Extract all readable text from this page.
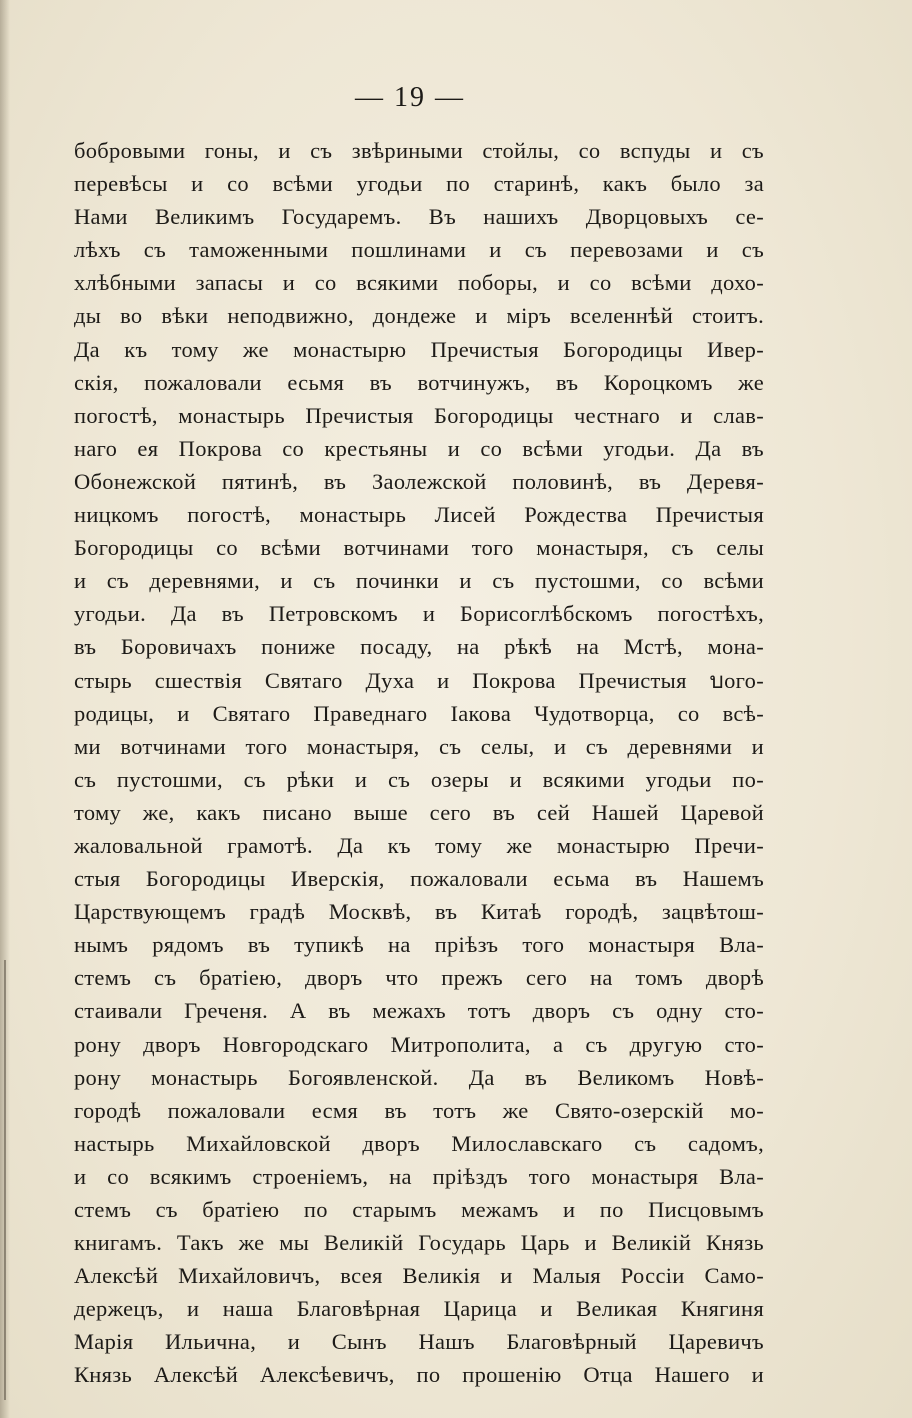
— 19 —
бобровыми гоны, и съ звѣриными стойлы, со вспуды и съ
перевѣсы и со всѣми угодьи по старинѣ, какъ было за
Нами Великимъ Государемъ. Въ нашихъ Дворцовыхъ се-
лѣхъ съ таможенными пошлинами и съ перевозами и съ
хлѣбными запасы и со всякими поборы, и со всѣми дохо-
ды во вѣки неподвижно, дондеже и міръ вселеннѣй стоитъ.
Да къ тому же монастырю Пречистыя Богородицы Ивер-
скія, пожаловали есьмя въ вотчинужъ, въ Короцкомъ же
погостѣ, монастырь Пречистыя Богородицы честнаго и слав-
наго ея Покрова со крестьяны и со всѣми угодьи. Да въ
Обонежской пятинѣ, въ Заолежской половинѣ, въ Деревя-
ницкомъ погостѣ, монастырь Лисей Рождества Пречистыя
Богородицы со всѣми вотчинами того монастыря, съ селы
и съ деревнями, и съ починки и съ пустошми, со всѣми
угодьи. Да въ Петровскомъ и Борисоглѣбскомъ погостѣхъ,
въ Боровичахъ пониже посаду, на рѣкѣ на Мстѣ, мона-
стырь сшествія Святаго Духа и Покрова Пречистыя บого-
родицы, и Святаго Праведнаго Іакова Чудотворца, со всѣ-
ми вотчинами того монастыря, съ селы, и съ деревнями и
съ пустошми, съ рѣки и съ озеры и всякими угодьи по-
тому же, какъ писано выше сего въ сей Нашей Царевой
жаловальной грамотѣ. Да къ тому же монастырю Пречи-
стыя Богородицы Иверскія, пожаловали есьма въ Нашемъ
Царствующемъ градѣ Москвѣ, въ Китаѣ городѣ, зацвѣтош-
нымъ рядомъ въ тупикѣ на пріѣзъ того монастыря Вла-
стемъ съ братіею, дворъ что прежъ сего на томъ дворѣ
стаивали Греченя. А въ межахъ тотъ дворъ съ одну сто-
рону дворъ Новгородскаго Митрополита, а съ другую сто-
рону монастырь Богоявленской. Да въ Великомъ Новѣ-
городѣ пожаловали есмя въ тотъ же Свято-озерскій мо-
настырь Михайловской дворъ Милославскаго съ садомъ,
и со всякимъ строеніемъ, на пріѣздъ того монастыря Вла-
стемъ съ братіею по старымъ межамъ и по Писцовымъ
книгамъ. Такъ же мы Великій Государь Царь и Великій Князь
Алексѣй Михайловичъ, всея Великія и Малыя Россіи Само-
держецъ, и наша Благовѣрная Царица и Великая Княгиня
Марія Ильична, и Сынъ Нашъ Благовѣрный Царевичъ
Князь Алексѣй Алексѣевичъ, по прошенію Отца Нашего и
